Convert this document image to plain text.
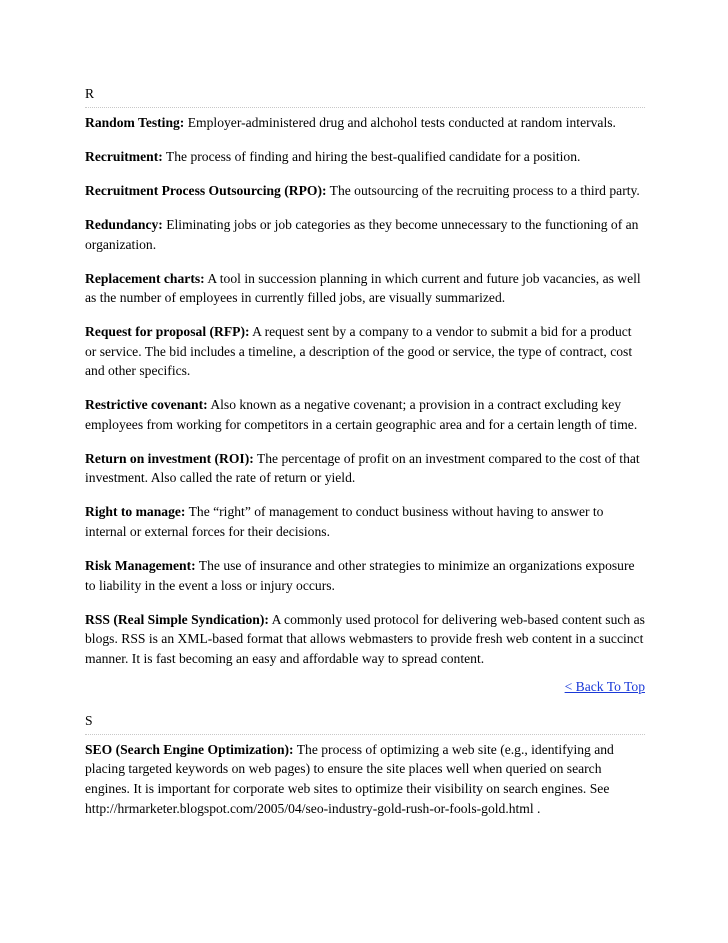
R

Random Testing: Employer-administered drug and alchohol tests conducted at random intervals.

Recruitment: The process of finding and hiring the best-qualified candidate for a position.

Recruitment Process Outsourcing (RPO): The outsourcing of the recruiting process to a third party.

Redundancy: Eliminating jobs or job categories as they become unnecessary to the functioning of an organization.

Replacement charts: A tool in succession planning in which current and future job vacancies, as well as the number of employees in currently filled jobs, are visually summarized.

Request for proposal (RFP): A request sent by a company to a vendor to submit a bid for a product or service. The bid includes a timeline, a description of the good or service, the type of contract, cost and other specifics.

Restrictive covenant: Also known as a negative covenant; a provision in a contract excluding key employees from working for competitors in a certain geographic area and for a certain length of time.

Return on investment (ROI): The percentage of profit on an investment compared to the cost of that investment. Also called the rate of return or yield.

Right to manage: The “right” of management to conduct business without having to answer to internal or external forces for their decisions.

Risk Management: The use of insurance and other strategies to minimize an organizations exposure to liability in the event a loss or injury occurs.

RSS (Real Simple Syndication): A commonly used protocol for delivering web-based content such as blogs. RSS is an XML-based format that allows webmasters to provide fresh web content in a succinct manner. It is fast becoming an easy and affordable way to spread content.

< Back To Top

S

SEO (Search Engine Optimization): The process of optimizing a web site (e.g., identifying and placing targeted keywords on web pages) to ensure the site places well when queried on search engines. It is important for corporate web sites to optimize their visibility on search engines. See http://hrmarketer.blogspot.com/2005/04/seo-industry-gold-rush-or-fools-gold.html .
